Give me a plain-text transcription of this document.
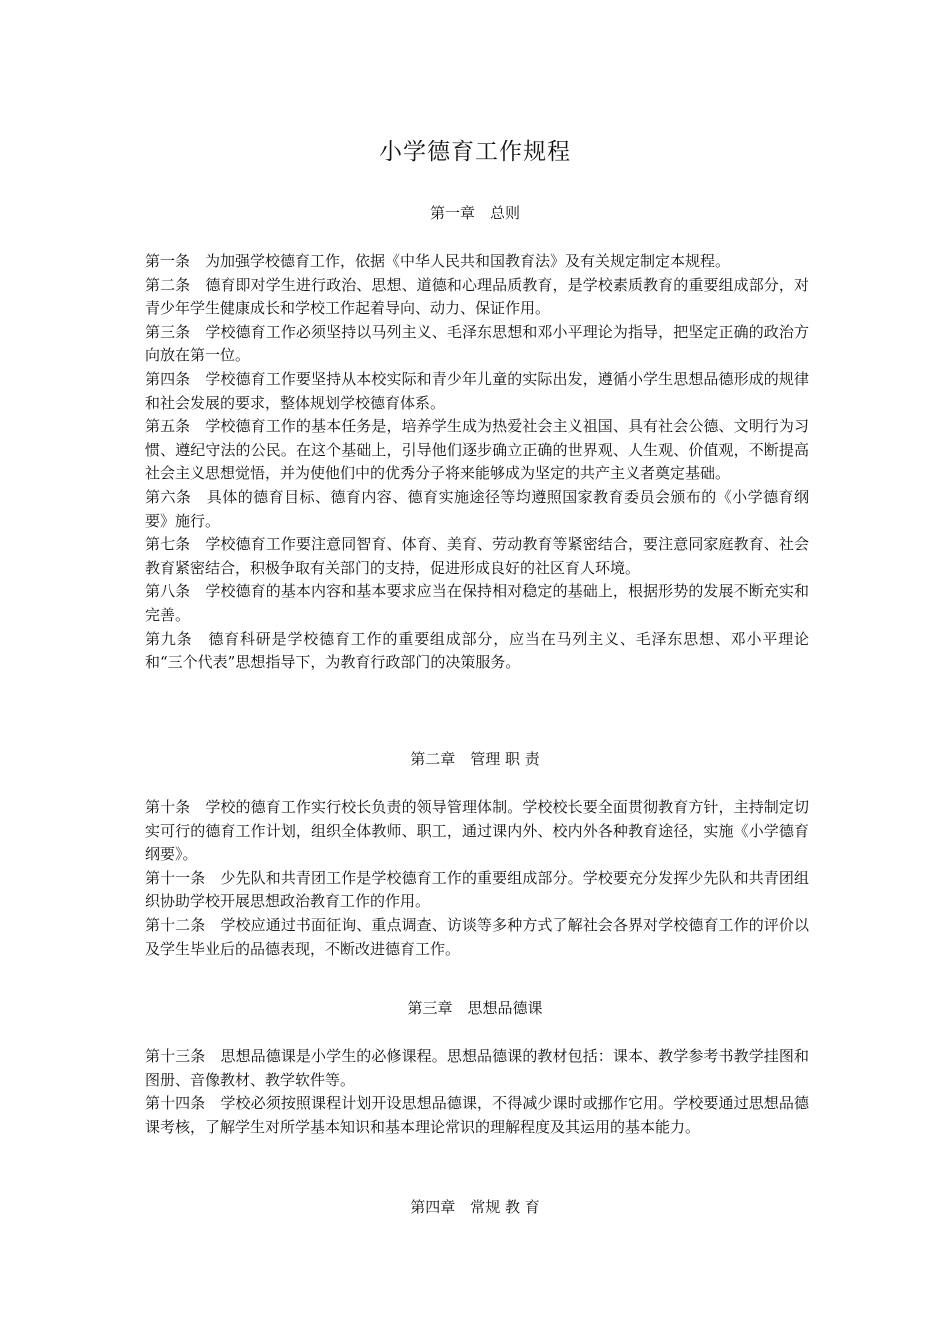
小学德育工作规程
第一章　总则

第一条　为加强学校德育工作，依据《中华人民共和国教育法》及有关规定制定本规程。

第二条　德育即对学生进行政治、思想、道德和心理品质教育，是学校素质教育的重要组成部分，对青少年学生健康成长和学校工作起着导向、动力、保证作用。

第三条　学校德育工作必须坚持以马列主义、毛泽东思想和邓小平理论为指导，把坚定正确的政治方向放在第一位。

第四条　学校德育工作要坚持从本校实际和青少年儿童的实际出发，遵循小学生思想品德形成的规律和社会发展的要求，整体规划学校德育体系。

第五条　学校德育工作的基本任务是，培养学生成为热爱社会主义祖国、具有社会公德、文明行为习惯、遵纪守法的公民。在这个基础上，引导他们逐步确立正确的世界观、人生观、价值观，不断提高社会主义思想觉悟，并为使他们中的优秀分子将来能够成为坚定的共产主义者奠定基础。

第六条　具体的德育目标、德育内容、德育实施途径等均遵照国家教育委员会颁布的《小学德育纲要》施行。

第七条　学校德育工作要注意同智育、体育、美育、劳动教育等紧密结合，要注意同家庭教育、社会教育紧密结合，积极争取有关部门的支持，促进形成良好的社区育人环境。

第八条　学校德育的基本内容和基本要求应当在保持相对稳定的基础上，根据形势的发展不断充实和完善。

第九条　德育科研是学校德育工作的重要组成部分，应当在马列主义、毛泽东思想、邓小平理论和“三个代表”思想指导下，为教育行政部门的决策服务。

第二章　管理 职 责

第十条　学校的德育工作实行校长负责的领导管理体制。学校校长要全面贯彻教育方针，主持制定切实可行的德育工作计划，组织全体教师、职工，通过课内外、校内外各种教育途径，实施《小学德育纲要》。

第十一条　少先队和共青团工作是学校德育工作的重要组成部分。学校要充分发挥少先队和共青团组织协助学校开展思想政治教育工作的作用。

第十二条　学校应通过书面征询、重点调查、访谈等多种方式了解社会各界对学校德育工作的评价以及学生毕业后的品德表现，不断改进德育工作。

第三章　思想品德课

第十三条　思想品德课是小学生的必修课程。思想品德课的教材包括：课本、教学参考书教学挂图和图册、音像教材、教学软件等。

第十四条　学校必须按照课程计划开设思想品德课，不得减少课时或挪作它用。学校要通过思想品德课考核，了解学生对所学基本知识和基本理论常识的理解程度及其运用的基本能力。

第四章　常规 教 育
